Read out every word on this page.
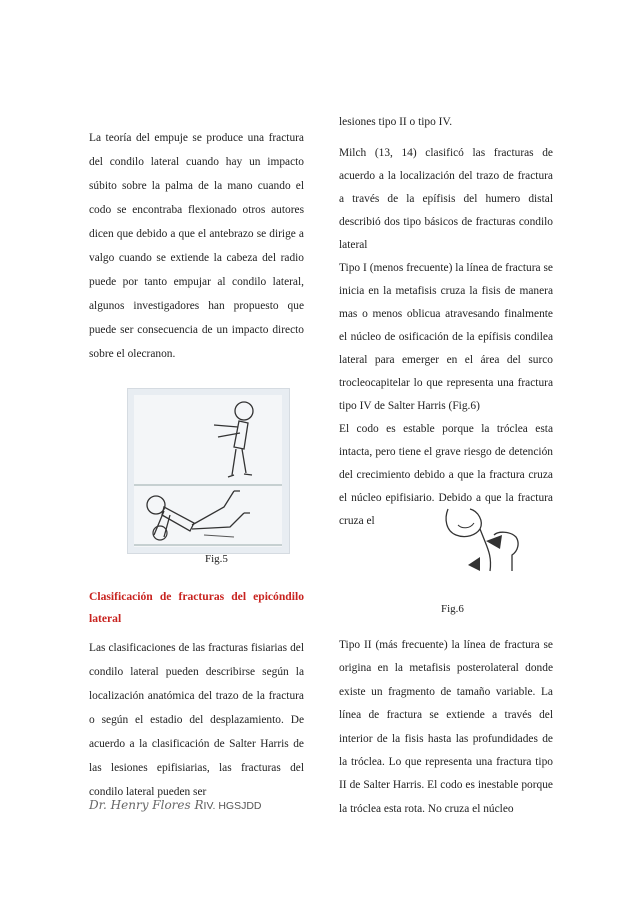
La teoría del empuje se produce una fractura del condilo lateral cuando hay un impacto súbito sobre la palma de la mano cuando el codo se encontraba flexionado otros autores dicen que debido a que el antebrazo se dirige a valgo cuando se extiende la cabeza del radio puede por tanto empujar al condilo lateral, algunos investigadores han propuesto que puede ser consecuencia de un impacto directo sobre el olecranon.

Fig.5

Clasificación de fracturas del epicóndilo lateral

Las clasificaciones de las fracturas fisiarias del condilo lateral pueden describirse según la localización anatómica del trazo de la fractura o según el estadio del desplazamiento. De acuerdo a la clasificación de Salter Harris de las lesiones epifisiarias, las fracturas del condilo lateral pueden ser

lesiones tipo II o tipo IV.

Milch (13, 14) clasificó las fracturas de acuerdo a la localización del trazo de fractura a través de la epífisis del humero distal describió dos tipo básicos de fracturas condilo lateral

Tipo I (menos frecuente) la línea de fractura se inicia en la metafisis cruza la fisis de manera mas o menos oblicua atravesando finalmente el núcleo de osificación de la epífisis condilea lateral para emerger en el área del surco trocleocapitelar lo que representa una fractura tipo IV de Salter Harris (Fig.6)

El codo es estable porque la tróclea esta intacta, pero tiene el grave riesgo de detención del crecimiento debido a que la fractura cruza el núcleo epifisiario. Debido a que la fractura cruza el

Fig.6

Tipo II (más frecuente) la línea de fractura se origina en la metafisis posterolateral donde existe un fragmento de tamaño variable. La línea de fractura se extiende a través del interior de la fisis hasta las profundidades de la tróclea. Lo que representa una fractura tipo II de Salter Harris. El codo es inestable porque la tróclea esta rota. No cruza el núcleo

Dr. Henry Flores RIV. HGSJDD
